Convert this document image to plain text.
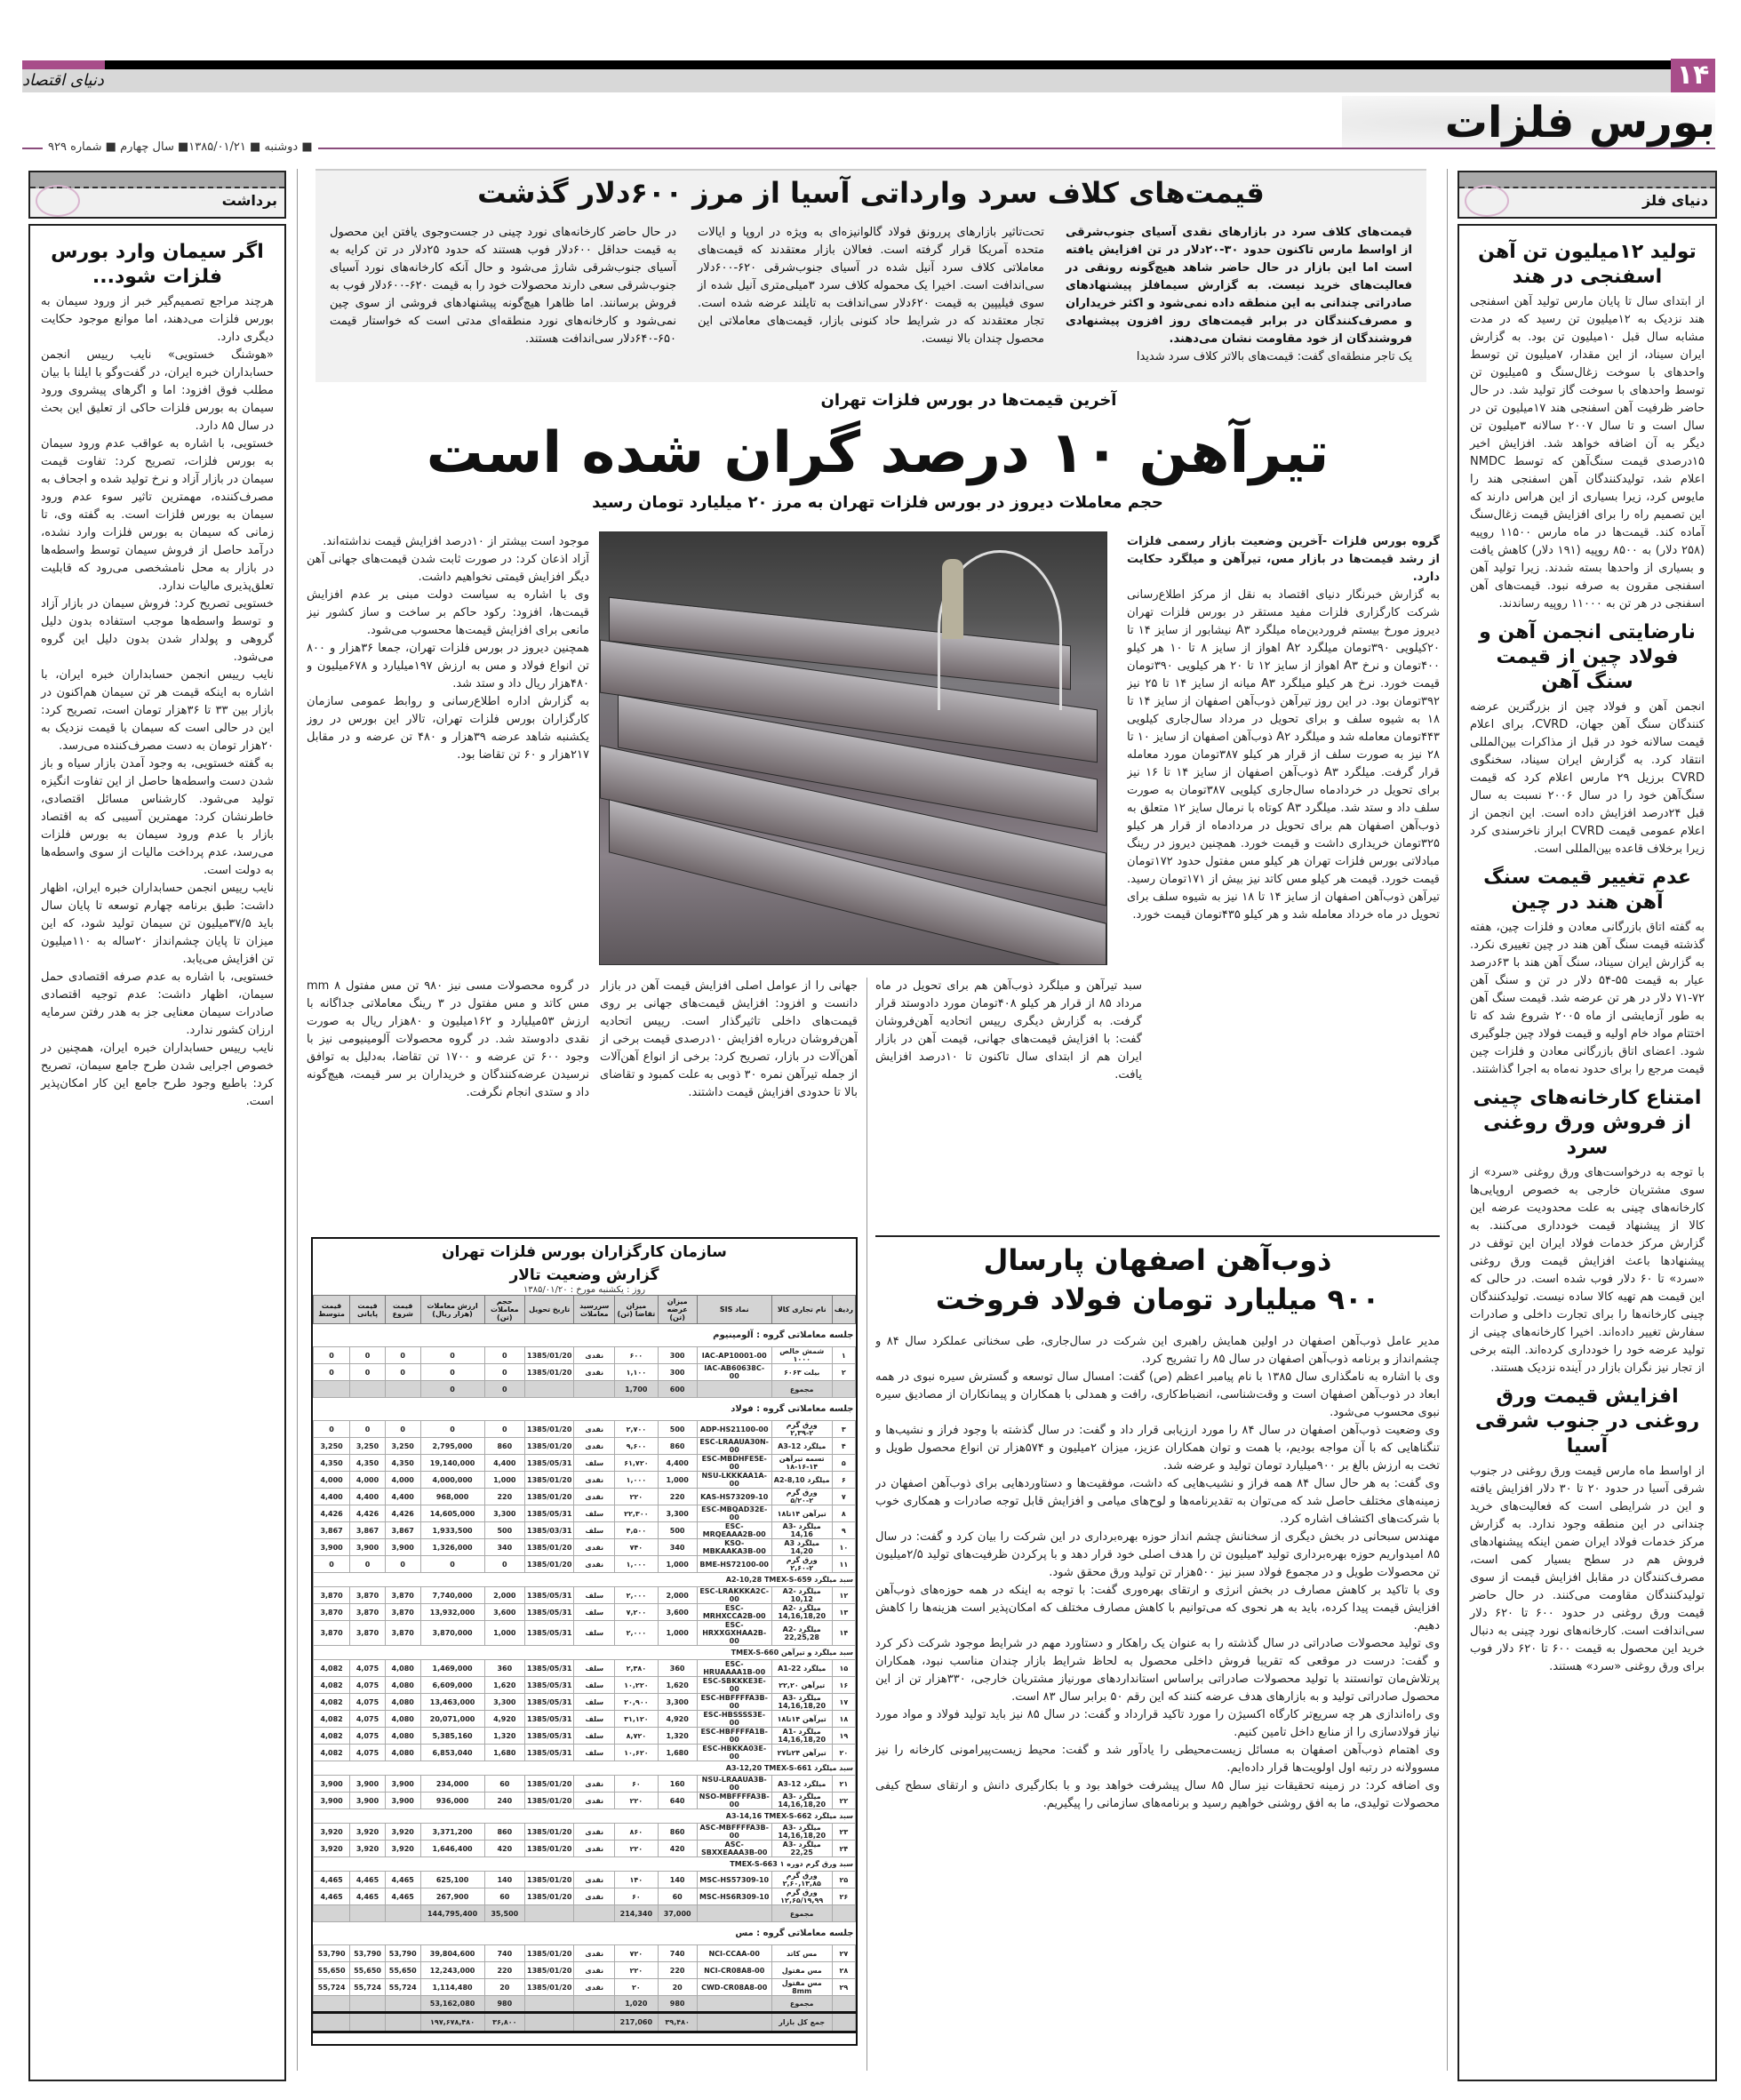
دنیای اقتصاد	۱۴
بورس فلزات
■ دوشنبه ■ ۱۳۸۵/۰۱/۲۱■ سال چهارم ■ شماره ۹۲۹
برداشت
اگر سیمان وارد بورس فلزات شود...

هرچند مراجع تصمیم‌گیر خبر از ورود سیمان به بورس فلزات می‌دهند، اما موانع موجود حکایت دیگری دارد.

«هوشنگ خستویی» نایب رییس انجمن حسابداران خبره ایران، در گفت‌وگو با ایلنا با بیان مطلب فوق افزود: اما و اگرهای پیشروی ورود سیمان به بورس فلزات حاکی از تعلیق این بحث در سال ۸۵ دارد.

خستویی، با اشاره به عواقب عدم ورود سیمان به بورس فلزات، تصریح کرد: تفاوت قیمت سیمان در بازار آزاد و نرخ تولید شده و اجحاف به مصرف‌کننده، مهمترین تاثیر سوء عدم ورود سیمان به بورس فلزات است. به گفته وی، تا زمانی که سیمان به بورس فلزات وارد نشده، درآمد حاصل از فروش سیمان توسط واسطه‌ها در بازار به محل نامشخصی می‌رود که قابلیت تعلق‌پذیری مالیات ندارد.

خستویی تصریح کرد: فروش سیمان در بازار آزاد و توسط واسطه‌ها موجب استفاده بدون دلیل گروهی و پولدار شدن بدون دلیل این گروه می‌شود.

نایب رییس انجمن حسابداران خبره ایران، با اشاره به اینکه قیمت هر تن سیمان هم‌اکنون در بازار بین ۳۳ تا ۳۶هزار تومان است، تصریح کرد: این در حالی است که سیمان با قیمت نزدیک به ۲۰هزار تومان به دست مصرف‌کننده می‌رسد.

به گفته خستویی، به وجود آمدن بازار سیاه و باز شدن دست واسطه‌ها حاصل از این تفاوت انگیزه تولید می‌شود. کارشناس مسائل اقتصادی، خاطرنشان کرد: مهمترین آسیبی که به اقتصاد بازار با عدم ورود سیمان به بورس فلزات می‌رسد، عدم پرداخت مالیات از سوی واسطه‌ها به دولت است.

نایب رییس انجمن حسابداران خبره ایران، اظهار داشت: طبق برنامه چهارم توسعه تا پایان سال باید ۳۷/۵میلیون تن سیمان تولید شود، که این میزان تا پایان چشم‌انداز ۲۰ساله به ۱۱۰میلیون تن افزایش می‌یابد.

خستویی، با اشاره به عدم صرفه اقتصادی حمل سیمان، اظهار داشت: عدم توجیه اقتصادی صادرات سیمان معنایی جز به هدر رفتن سرمایه ارزان کشور ندارد.

نایب رییس حسابداران خبره ایران، همچنین در خصوص اجرایی شدن طرح جامع سیمان، تصریح کرد: باطبع وجود طرح جامع این کار امکان‌پذیر است.

دنیای فلز
تولید ۱۲میلیون تن آهن اسفنجی در هند

از ابتدای سال تا پایان مارس تولید آهن اسفنجی هند نزدیک به ۱۲میلیون تن رسید که در مدت مشابه سال قبل ۱۰میلیون تن بود. به گزارش ایران سیناد، از این مقدار، ۷میلیون تن توسط واحدهای با سوخت زغال‌سنگ و ۵میلیون تن توسط واحدهای با سوخت گاز تولید شد. در حال حاضر ظرفیت آهن اسفنجی هند ۱۷میلیون تن در سال است و تا سال ۲۰۰۷ سالانه ۳میلیون تن دیگر به آن اضافه خواهد شد. افزایش اخیر ۱۵درصدی قیمت سنگ‌آهن که توسط NMDC اعلام شد، تولیدکنندگان آهن اسفنجی هند را مایوس کرد، زیرا بسیاری از این هراس دارند که این تصمیم راه را برای افزایش قیمت زغال‌سنگ آماده کند. قیمت‌ها در ماه مارس ۱۱۵۰۰ روپیه (۲۵۸ دلار) به ۸۵۰۰ روپیه (۱۹۱ دلار) کاهش یافت و بسیاری از واحدها بسته شدند. زیرا تولید آهن اسفنجی مقرون به صرفه نبود. قیمت‌های آهن اسفنجی در هر تن به ۱۱۰۰۰ روپیه رساندند.

نارضایتی انجمن آهن و فولاد چین از قیمت سنگ آهن

انجمن آهن و فولاد چین از بزرگترین عرضه کنندگان سنگ آهن جهان، CVRD، برای اعلام قیمت سالانه خود در قبل از مذاکرات بین‌المللی انتقاد کرد. به گزارش ایران سیناد، سخنگوی CVRD برزیل ۲۹ مارس اعلام کرد که قیمت سنگ‌آهن خود را در سال ۲۰۰۶ نسبت به سال قبل ۲۴درصد افزایش داده است. این انجمن از اعلام عمومی قیمت CVRD ابراز ناخرسندی کرد زیرا برخلاف قاعده بین‌المللی است.

عدم تغییر قیمت سنگ آهن هند در چین

به گفته اتاق بازرگانی معادن و فلزات چین، هفته گذشته قیمت سنگ آهن هند در چین تغییری نکرد. به گزارش ایران سیناد، سنگ آهن هند با ۶۳درصد عیار به قیمت ۵۵-۵۴ دلار در تن و سنگ آهن ۷۲-۷۱ دلار در هر تن عرضه شد. قیمت سنگ آهن به طور آزمایشی از ماه ۲۰۰۵ شروع شد که تا اختتام مواد خام اولیه و قیمت فولاد چین جلوگیری شود. اعضای اتاق بازرگانی معادن و فلزات چین قیمت مرجع را برای حدود نه‌ماه به اجرا گذاشتند.

امتناع کارخانه‌های چینی از فروش ورق روغنی سرد

با توجه به درخواست‌های ورق روغنی «سرد» از سوی مشتریان خارجی به خصوص اروپایی‌ها کارخانه‌های چینی به علت محدودیت عرضه این کالا از پیشنهاد قیمت خودداری می‌کنند. به گزارش مرکز خدمات فولاد ایران این توقف در پیشنهادها باعث افزایش قیمت ورق روغنی «سرد» تا ۶۰ دلار فوب شده است. در حالی که این قیمت هم تهیه کالا ساده نیست. تولیدکنندگان چینی کارخانه‌ها را برای تجارت داخلی و صادرات سفارش تغییر داده‌اند. اخیرا کارخانه‌های چینی از تولید عرضه خود را خودداری کرده‌اند. البته برخی از تجار نیز نگران بازار در آینده نزدیک هستند.

افزایش قیمت ورق روغنی در جنوب شرقی آسیا

از اواسط ماه مارس قیمت ورق روغنی در جنوب شرقی آسیا در حدود ۲۰ تا ۳۰ دلار افزایش یافته و این در شرایطی است که فعالیت‌های خرید چندانی در این منطقه وجود ندارد. به گزارش مرکز خدمات فولاد ایران ضمن اینکه پیشنهادهای فروش هم در سطح بسیار کمی است، مصرف‌کنندگان در مقابل افزایش قیمت از سوی تولیدکنندگان مقاومت می‌کنند. در حال حاضر قیمت ورق روغنی در حدود ۶۰۰ تا ۶۲۰ دلار سی‌اندافت است. کارخانه‌های نورد چینی به دنبال خرید این محصول به قیمت ۶۰۰ تا ۶۲۰ دلار فوب برای ورق روغنی «سرد» هستند.

قیمت‌های کلاف سرد وارداتی آسیا از مرز ۶۰۰دلار گذشت
قیمت‌های کلاف سرد در بازارهای نقدی آسیای جنوب‌شرقی از اواسط مارس تاکنون حدود ۳۰-۲۰دلار در تن افزایش یافته است اما این بازار در حال حاضر شاهد هیچ‌گونه رونقی در فعالیت‌های خرید نیست. به گزارش سیمافلز پیشنهادهای صادراتی چندانی به این منطقه داده نمی‌شود و اکثر خریداران و مصرف‌کنندگان در برابر قیمت‌های روز افزون پیشنهادی فروشندگان از خود مقاومت نشان می‌دهند.
یک تاجر منطقه‌ای گفت: قیمت‌های بالاتر کلاف سرد شدیدا
تحت‌تاثیر بازارهای پررونق فولاد گالوانیزه‌ای به ویژه در اروپا و ایالات متحده آمریکا قرار گرفته است. فعالان بازار معتقدند که قیمت‌های معاملاتی کلاف سرد آنیل شده در آسیای جنوب‌شرقی ۶۲۰-۶۰۰دلار سی‌اندافت است. اخیرا یک محموله کلاف سرد ۳میلی‌متری آنیل شده از سوی فیلیپین به قیمت ۶۲۰دلار سی‌اندافت به تایلند عرضه شده است. تجار معتقدند که در شرایط حاد کنونی بازار، قیمت‌های معاملاتی این محصول چندان بالا نیست.
در حال حاضر کارخانه‌های نورد چینی در جست‌وجوی یافتن این محصول به قیمت حداقل ۶۰۰دلار فوب هستند که حدود ۲۵دلار در تن کرایه به آسیای جنوب‌شرقی شارژ می‌شود و حال آنکه کارخانه‌های نورد آسیای جنوب‌شرقی سعی دارند محصولات خود را به قیمت ۶۲۰-۶۰۰دلار فوب به فروش برسانند. اما ظاهرا هیچ‌گونه پیشنهادهای فروشی از سوی چین نمی‌شود و کارخانه‌های نورد منطقه‌ای مدتی است که خواستار قیمت ۶۵۰-۶۴۰دلار سی‌اندافت هستند.
آخرین قیمت‌ها در بورس فلزات تهران
تیرآهن ۱۰ درصد گران شده است
حجم معاملات دیروز در بورس فلزات تهران به مرز ۲۰ میلیارد تومان رسید

گروه بورس فلزات -آخرین وضعیت بازار رسمی فلزات از رشد قیمت‌ها در بازار مس، تیرآهن و میلگرد حکایت دارد.

به گزارش خبرنگار دنیای اقتصاد به نقل از مرکز اطلاع‌رسانی شرکت کارگزاری فلزات مفید مستقر در بورس فلزات تهران دیروز مورخ بیستم فروردین‌ماه میلگرد A۳ نیشابور از سایز ۱۴ تا ۲۰کیلویی ۳۹۰تومان میلگرد A۲ اهواز از سایز ۸ تا ۱۰ هر کیلو ۴۰۰تومان و نرخ A۳ اهواز از سایز ۱۲ تا ۲۰ هر کیلویی ۳۹۰تومان قیمت خورد. نرخ هر کیلو میلگرد A۳ میانه از سایز ۱۴ تا ۲۵ نیز ۳۹۲تومان بود. در این روز تیرآهن ذوب‌آهن اصفهان از سایز ۱۴ تا ۱۸ به شیوه سلف و برای تحویل در مرداد سال‌جاری کیلویی ۴۴۳تومان معامله شد و میلگرد A۲ ذوب‌آهن اصفهان از سایز ۱۰ تا ۲۸ نیز به صورت سلف از قرار هر کیلو ۳۸۷تومان مورد معامله قرار گرفت. میلگرد A۳ ذوب‌آهن اصفهان از سایز ۱۴ تا ۱۶ نیز برای تحویل در خردادماه سال‌جاری کیلویی ۳۸۷تومان به صورت سلف داد و ستد شد. میلگرد A۳ کوتاه با نرمال سایز ۱۲ متعلق به ذوب‌آهن اصفهان هم برای تحویل در مردادماه از قرار هر کیلو ۳۲۵تومان خریداری داشت و قیمت خورد. همچنین دیروز در رینگ مبادلاتی بورس فلزات تهران هر کیلو مس مفتول حدود ۱۷۲تومان قیمت خورد. قیمت هر کیلو مس کاتد نیز بیش از ۱۷۱تومان رسید. تیرآهن ذوب‌آهن اصفهان از سایز ۱۴ تا ۱۸ نیز به شیوه سلف برای تحویل در ماه خرداد معامله شد و هر کیلو ۴۳۵تومان قیمت خورد.

موجود است بیشتر از ۱۰درصد افزایش قیمت نداشته‌اند.

آزاد اذعان کرد: در صورت ثابت شدن قیمت‌های جهانی آهن دیگر افزایش قیمتی نخواهیم داشت.

وی با اشاره به سیاست دولت مبنی بر عدم افزایش قیمت‌ها، افزود: رکود حاکم بر ساخت و ساز کشور نیز مانعی برای افزایش قیمت‌ها محسوب می‌شود.

همچنین دیروز در بورس فلزات تهران، جمعا ۳۶هزار و ۸۰۰ تن انواع فولاد و مس به ارزش ۱۹۷میلیارد و ۶۷۸میلیون و ۴۸۰هزار ریال داد و ستد شد.

به گزارش اداره اطلاع‌رسانی و روابط عمومی سازمان کارگزاران بورس فلزات تهران، تالار این بورس در روز یکشنبه شاهد عرضه ۳۹هزار و ۴۸۰ تن عرضه و در مقابل ۲۱۷هزار و ۶۰ تن تقاضا بود.

سبد تیرآهن و میلگرد ذوب‌آهن هم برای تحویل در ماه مرداد ۸۵ از قرار هر کیلو ۴۰۸تومان مورد دادوستد قرار گرفت. به گزارش دیگری رییس اتحادیه آهن‌فروشان گفت: با افزایش قیمت‌های جهانی، قیمت آهن در بازار ایران هم از ابتدای سال تاکنون تا ۱۰درصد افزایش یافت.
جهانی را از عوامل اصلی افزایش قیمت آهن در بازار دانست و افزود: افزایش قیمت‌های جهانی بر روی قیمت‌های داخلی تاثیرگذار است. رییس اتحادیه آهن‌فروشان درباره افزایش ۱۰درصدی قیمت برخی از آهن‌آلات در بازار، تصریح کرد: برخی از انواع آهن‌آلات از جمله تیرآهن نمره ۳۰ ذوبی به علت کمبود و تقاضای بالا تا حدودی افزایش قیمت داشتند.
در گروه محصولات مسی نیز ۹۸۰ تن مس مفتول mm ۸ مس کاتد و مس مفتول در ۳ رینگ معاملاتی جداگانه با ارزش ۵۳میلیارد و ۱۶۲میلیون و ۸۰هزار ریال به صورت نقدی دادوستد شد. در گروه محصولات آلومینیومی نیز با وجود ۶۰۰ تن عرضه و ۱۷۰۰ تن تقاضا، به‌دلیل به توافق نرسیدن عرضه‌کنندگان و خریداران بر سر قیمت، هیچ‌گونه داد و ستدی انجام نگرفت.
سازمان کارگزاران بورس فلزات تهران
گزارش وضعیت تالار
روز : یکشنبه مورخ : ۱۳۸۵/۰۱/۲۰
ردیف	نام تجاری کالا	نماد SIS	میزان عرضه (تن)	میزان تقاضا (تن)	سررسید معاملات	تاریخ تحویل	حجم معاملات (تن)	ارزش معاملات (هزار ریال)	قیمت شروع	قیمت پایانی	قیمت متوسط
جلسه معاملاتی گروه : آلومینیوم											
۱	شمش خالص ۱۰۰۰	IAC-AP10001-00	300	۶۰۰	نقدی	1385/01/20	0	0	0	0	0
۲	بیلت ۶۰۶۳	IAC-AB60638C-00	300	۱,۱۰۰	نقدی	1385/01/20	0	0	0	0	0
	مجموع		600	1,700			0	0			
جلسه معاملاتی گروه : فولاد											
۳	ورق گرم ۲-۲,۳۹	ADP-HS21100-00	500	۲,۷۰۰	نقدی	1385/01/20	0	0	0	0	0
۴	میلگرد A3-12	ESC-LRAAUA30N-00	860	۹,۶۰۰	نقدی	1385/01/20	860	2,795,000	3,250	3,250	3,250
۵	تسمه تیرآهن ۱۴-۱۶-۱۸	ESC-MBDHFE5E-00	4,400	۶۱,۷۲۰	سلف	1385/05/31	4,400	19,140,000	4,350	4,350	4,350
۶	میلگرد A2-8,10	NSU-LKKKAA1A-00	1,000	۱,۰۰۰	نقدی	1385/01/20	1,000	4,000,000	4,000	4,000	4,000
۷	ورق گرم ۲-۵/۲۰	KAS-HS73209-10	220	۲۲۰	نقدی	1385/01/20	220	968,000	4,400	4,400	4,400
۸	تیرآهن ۱۴تا۱۸	ESC-MBQAD32E-00	3,300	۲۲,۳۰۰	سلف	1385/05/31	3,300	14,605,000	4,426	4,426	4,426
۹	میلگرد A3-14,16	ESC-MRQEAAA2B-00	500	۴,۵۰۰	سلف	1385/03/31	500	1,933,500	3,867	3,867	3,867
۱۰	میلگرد A3 14,20	KSO-MBKAAKA3B-00	340	۷۴۰	نقدی	1385/01/20	340	1,326,000	3,900	3,900	3,900
۱۱	ورق گرم ۲-۲,۶۰	BME-HS72100-00	1,000	۱,۰۰۰	نقدی	1385/01/20	0	0	0	0	0
سبد میلگرد A2-10,28 TMEX-S-659											
۱۲	میلگرد A2-10,12	ESC-LRAKKKA2C-00	2,000	۲,۰۰۰	سلف	1385/05/31	2,000	7,740,000	3,870	3,870	3,870
۱۳	میلگرد A2-14,16,18,20	ESC-MRHXCCA2B-00	3,600	۷,۲۰۰	سلف	1385/05/31	3,600	13,932,000	3,870	3,870	3,870
۱۴	میلگرد A2-22,25,28	ESC-HRXXGXHAA2B-00	1,000	۲,۰۰۰	سلف	1385/05/31	1,000	3,870,000	3,870	3,870	3,870
سبد میلگرد و تیرآهن TMEX-S-660											
۱۵	میلگرد A1-22	ESC-HRUAAAA1B-00	360	۲,۳۸۰	سلف	1385/05/31	360	1,469,000	4,080	4,075	4,082
۱۶	تیرآهن ۲۲,۲۰	ESC-SBKKKE3E-00	1,620	۱۰,۲۲۰	سلف	1385/05/31	1,620	6,609,000	4,080	4,075	4,082
۱۷	میلگرد A3-14,16,18,20	ESC-HBFFFFA3B-00	3,300	۲۰,۹۰۰	سلف	1385/05/31	3,300	13,463,000	4,080	4,075	4,082
۱۸	تیرآهن ۱۴تا۱۸	ESC-HBSSSS3E-00	4,920	۳۱,۱۲۰	سلف	1385/05/31	4,920	20,071,000	4,080	4,075	4,082
۱۹	میلگرد A1-14,16,18,20	ESC-HBFFFFA1B-00	1,320	۸,۷۲۰	سلف	1385/05/31	1,320	5,385,160	4,080	4,075	4,082
۲۰	تیرآهن ۲۴تا۲۷	ESC-HBKKA03E-00	1,680	۱۰,۶۲۰	سلف	1385/05/31	1,680	6,853,040	4,080	4,075	4,082
سبد میلگرد A3-12,20 TMEX-S-661											
۲۱	میلگرد A3-12	NSU-LRAAUA3B-00	160	۶۰	نقدی	1385/01/20	60	234,000	3,900	3,900	3,900
۲۲	میلگرد A3-14,16,18,20	NSO-MBFFFFA3B-00	640	۲۲۰	نقدی	1385/01/20	240	936,000	3,900	3,900	3,900
سبد میلگرد A3-14,16 TMEX-S-662											
۲۳	میلگرد A3-14,16,18,20	ASC-MBFFFFA3B-00	860	۸۶۰	نقدی	1385/01/20	860	3,371,200	3,920	3,920	3,920
۲۴	میلگرد A3-22,25	ASC-SBXXEAAA3B-00	420	۲۲۰	نقدی	1385/01/20	420	1,646,400	3,920	3,920	3,920
سبد ورق گرم دوره ۱ TMEX-S-663											
۲۵	ورق گرم ۲,۶۰,۱۳,۸۵	MSC-HS57309-10	140	۱۴۰	نقدی	1385/01/20	140	625,100	4,465	4,465	4,465
۲۶	ورق گرم ۱۲,۶۵/۱۹,۹۹	MSC-HS6R309-10	60	۶۰	نقدی	1385/01/20	60	267,900	4,465	4,465	4,465
	مجموع		37,000	214,340			35,500	144,795,400			
جلسه معاملاتی گروه : مس											
۲۷	مس کاتد	NCI-CCAA-00	740	۷۲۰	نقدی	1385/01/20	740	39,804,600	53,790	53,790	53,790
۲۸	مس مفتول	NCI-CR08A8-00	220	۲۲۰	نقدی	1385/01/20	220	12,243,000	55,650	55,650	55,650
۲۹	مس مفتول 8mm	CWD-CR08A8-00	20	۲۰	نقدی	1385/01/20	20	1,114,480	55,724	55,724	55,724
	مجموع		980	1,020			980	53,162,080			
	جمع کل بازار		۳۹,۴۸۰	217,060			۳۶,۸۰۰	۱۹۷,۶۷۸,۴۸۰			
ذوب‌آهن اصفهان پارسال
۹۰۰ میلیارد تومان فولاد فروخت

مدیر عامل ذوب‌آهن اصفهان در اولین همایش راهبری این شرکت در سال‌جاری، طی سخنانی عملکرد سال ۸۴ و چشم‌انداز و برنامه ذوب‌آهن اصفهان در سال ۸۵ را تشریح کرد.

وی با اشاره به نامگذاری سال ۱۳۸۵ با نام پیامبر اعظم (ص) گفت: امسال سال توسعه و گسترش سیره نبوی در همه ابعاد در ذوب‌آهن اصفهان است و وقت‌شناسی، انضباط‌کاری، رافت و همدلی با همکاران و پیمانکاران از مصادیق سیره نبوی محسوب می‌شود.

وی وضعیت ذوب‌آهن اصفهان در سال ۸۴ را مورد ارزیابی قرار داد و گفت: در سال گذشته با وجود فراز و نشیب‌ها و تنگناهایی که با آن مواجه بودیم، با همت و توان همکاران عزیز، میزان ۲میلیون و ۵۷۴هزار تن انواع محصول طویل و تخت به ارزش بالغ بر ۹۰۰میلیارد تومان تولید و عرضه شد.

وی گفت: به هر حال سال ۸۴ همه فراز و نشیب‌هایی که داشت، موفقیت‌ها و دستاوردهایی برای ذوب‌آهن اصفهان در زمینه‌های مختلف حاصل شد که می‌توان به تقدیرنامه‌ها و لوح‌های میامی و افزایش قابل توجه صادرات و همکاری خوب با شرکت‌های اکتشاف اشاره کرد.

مهندس سبحانی در بخش دیگری از سخنانش چشم انداز حوزه بهره‌برداری در این شرکت را بیان کرد و گفت: در سال ۸۵ امیدواریم حوزه بهره‌برداری تولید ۳میلیون تن را هدف اصلی خود قرار دهد و با پرکردن ظرفیت‌های تولید ۲/۵میلیون تن محصولات طویل و در مجموع فولاد سبز نیز ۵۰۰هزار تن تولید ورق محقق شود.

وی با تاکید بر کاهش مصارف در بخش انرژی و ارتقای بهره‌وری گفت: با توجه به اینکه در همه حوزه‌های ذوب‌آهن افزایش قیمت پیدا کرده، باید به هر نحوی که می‌توانیم با کاهش مصارف مختلف که امکان‌پذیر است هزینه‌ها را کاهش دهیم.

وی تولید محصولات صادراتی در سال گذشته را به عنوان یک راهکار و دستاورد مهم در شرایط موجود شرکت ذکر کرد و گفت: درست در موقعی که تقریبا فروش داخلی محصول به لحاظ شرایط بازار چندان مناسب نبود، همکاران پرتلاش‌مان توانستند با تولید محصولات صادراتی براساس استانداردهای مورنیاز مشتریان خارجی، ۳۳۰هزار تن از این محصول صادراتی تولید و به بازارهای هدف عرضه کنند که این رقم ۵۰ برابر سال ۸۳ است.

وی راه‌اندازی هر چه سریع‌تر کارگاه اکسیژن را مورد تاکید قرارداد و گفت: در سال ۸۵ نیز باید تولید فولاد و مواد مورد نیاز فولادسازی را از منابع داخل تامین کنیم.

وی اهتمام ذوب‌آهن اصفهان به مسائل زیست‌محیطی را یادآور شد و گفت: محیط زیست‌پیرامونی کارخانه را نیز مسوولانه در رتبه اول اولویت‌ها قرار داده‌ایم.

وی اضافه کرد: در زمینه تحقیقات نیز سال ۸۵ سال پیشرفت خواهد بود و با بکارگیری دانش و ارتقای سطح کیفی محصولات تولیدی، ما به افق روشنی خواهیم رسید و برنامه‌های سازمانی را پیگیریم.
